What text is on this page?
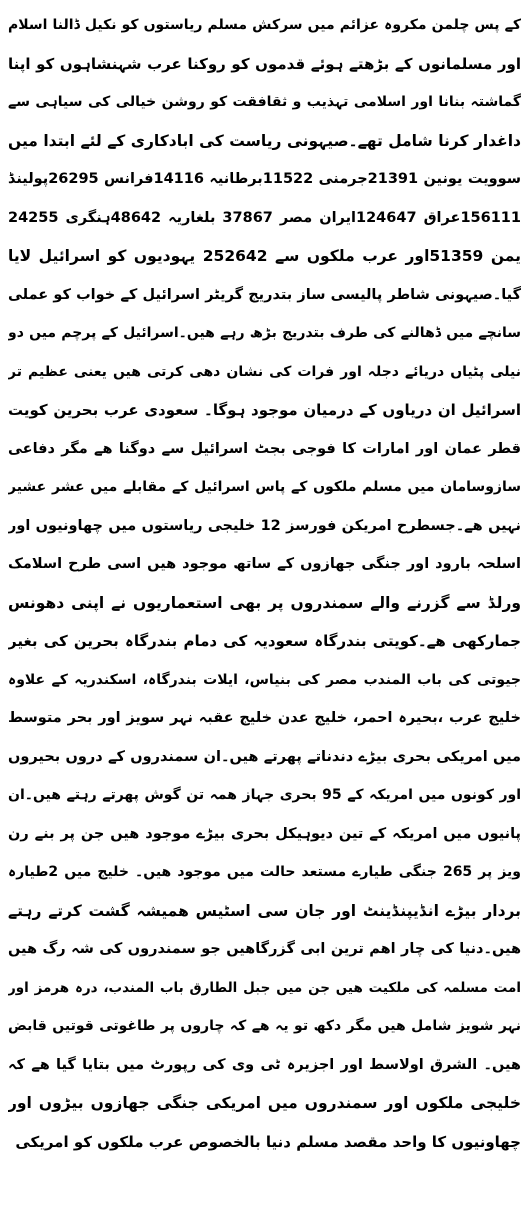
کے پس چلمن مکروہ عزائم میں سرکش مسلم ریاستوں کو نکیل ڈالنا اسلام
اور مسلمانوں کے بڑھتے ہوئے قدموں کو روکنا عرب شہنشاہوں کو اپنا
گماشتہ بنانا اور اسلامی تہذیب و ثقافقت کو روشن خیالی کی سیاہی سے
داغدار کرنا شامل تھے۔صیہونی ریاست کی ابادکاری کے لئے ابتدا میں
سوویت یونین 21391جرمنی 11522برطانیہ 14116فرانس 26295پولینڈ
156111عراق 124647ایران مصر 37867 بلغاریہ 48642ہنگری 24255
یمن 51359اور عرب ملکوں سے 252642 یہودیوں کو اسرائیل لایا
گیا۔صیہونی شاطر پالیسی ساز بتدریج گریٹر اسرائیل کے خواب کو عملی
سانچے میں ڈھالنے کی طرف بتدریج بڑھ رہے ھیں۔اسرائیل کے پرچم میں دو
نیلی پٹیاں دریائے دجلہ اور فرات کی نشان دھی کرتی ھیں یعنی عظیم تر
اسرائیل ان دریاوں کے درمیان موجود ہوگا۔ سعودی عرب بحرین کویت
قطر عمان اور امارات کا فوجی بجٹ اسرائیل سے دوگنا ھے مگر دفاعی
سازوسامان میں مسلم ملکوں کے پاس اسرائیل کے مقابلے میں عشر عشیر
نہیں ھے۔جسطرح امریکن فورسز 12 خلیجی ریاستوں میں چھاونیوں اور
اسلحہ بارود اور جنگی جھازوں کے ساتھ موجود ھیں اسی طرح اسلامک
ورلڈ سے گزرنے والے سمندروں پر بھی استعماریوں نے اپنی دھونس
جمارکھی ھے۔کویتی بندرگاہ سعودیہ کی دمام بندرگاہ بحرین کی بغیر
جیوتی کی باب المندب مصر کی بنیاس، ایلات بندرگاہ، اسکندریہ کے علاوہ
خلیج عرب ،بحیرہ احمر، خلیج عدن خلیج عقبہ نہر سویز اور بحر متوسط
میں امریکی بحری بیڑے دندناتے پھرتے ھیں۔ان سمندروں کے دروں بحیروں
اور کونوں میں امریکہ کے 95 بحری جہاز ھمہ تن گوش پھرتے رہتے ھیں۔ان
پانیوں میں امریکہ کے تین دیوہیکل بحری بیڑے موجود ھیں جن پر بنے رن
ویز پر 265 جنگی طیارے مستعد حالت میں موجود ھیں۔ خلیج میں 2طیارہ
بردار بیڑے انڈیپنڈینٹ اور جان سی اسٹیس ھمیشہ گشت کرتے رہتے
ھیں۔دنیا کی چار اھم ترین ابی گزرگاھیں جو سمندروں کی شہ رگ ھیں
امت مسلمہ کی ملکیت ھیں جن میں جبل الطارق باب المندب، درہ ھرمز اور
نہر شویز شامل ھیں مگر دکھ تو یہ ھے کہ چاروں پر طاغوتی قوتیں قابض
ھیں۔ الشرق اولاسط اور اجزیرہ ٹی وی کی رپورٹ میں بتایا گیا ھے کہ
خلیجی ملکوں اور سمندروں میں امریکی جنگی جھازوں بیڑوں اور
چھاونیوں کا واحد مقصد مسلم دنیا بالخصوص عرب ملکوں کو امریکی
